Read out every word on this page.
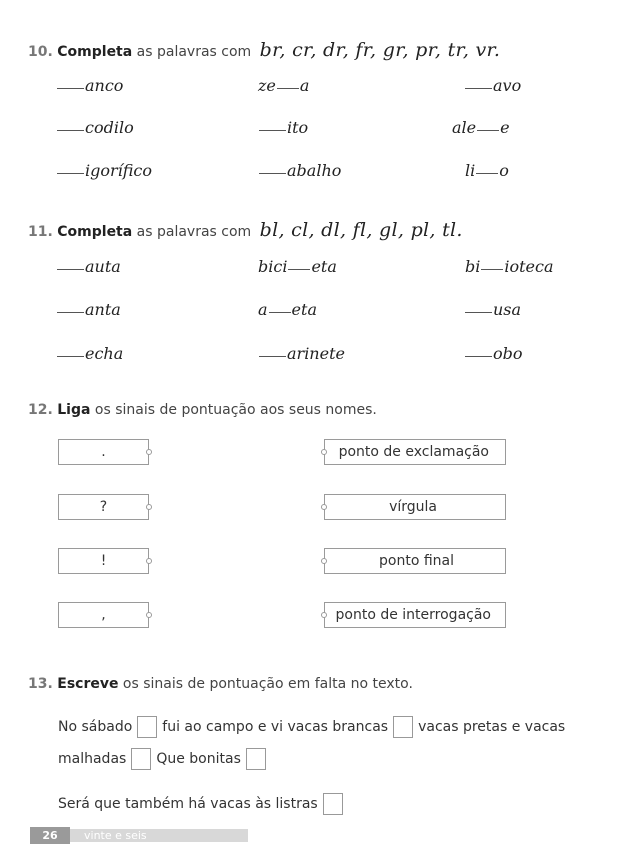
10. Completa as palavras com br, cr, dr, fr, gr, pr, tr, vr.
anco
codilo
igorífico
ze a
ito
abalho
avo
ale e
li o
11. Completa as palavras com bl, cl, dl, fl, gl, pl, tl.
auta
anta
echa
bici eta
a eta
arinete
bi ioteca
usa
obo
12. Liga os sinais de pontuação aos seus nomes.
.
?
!
,
ponto de exclamação
vírgula
ponto final
ponto de interrogação
13. Escreve os sinais de pontuação em falta no texto.
No sábado fui ao campo e vi vacas brancas vacas pretas e vacas
malhadas Que bonitas
Será que também há vacas às listras
26	vinte e seis
